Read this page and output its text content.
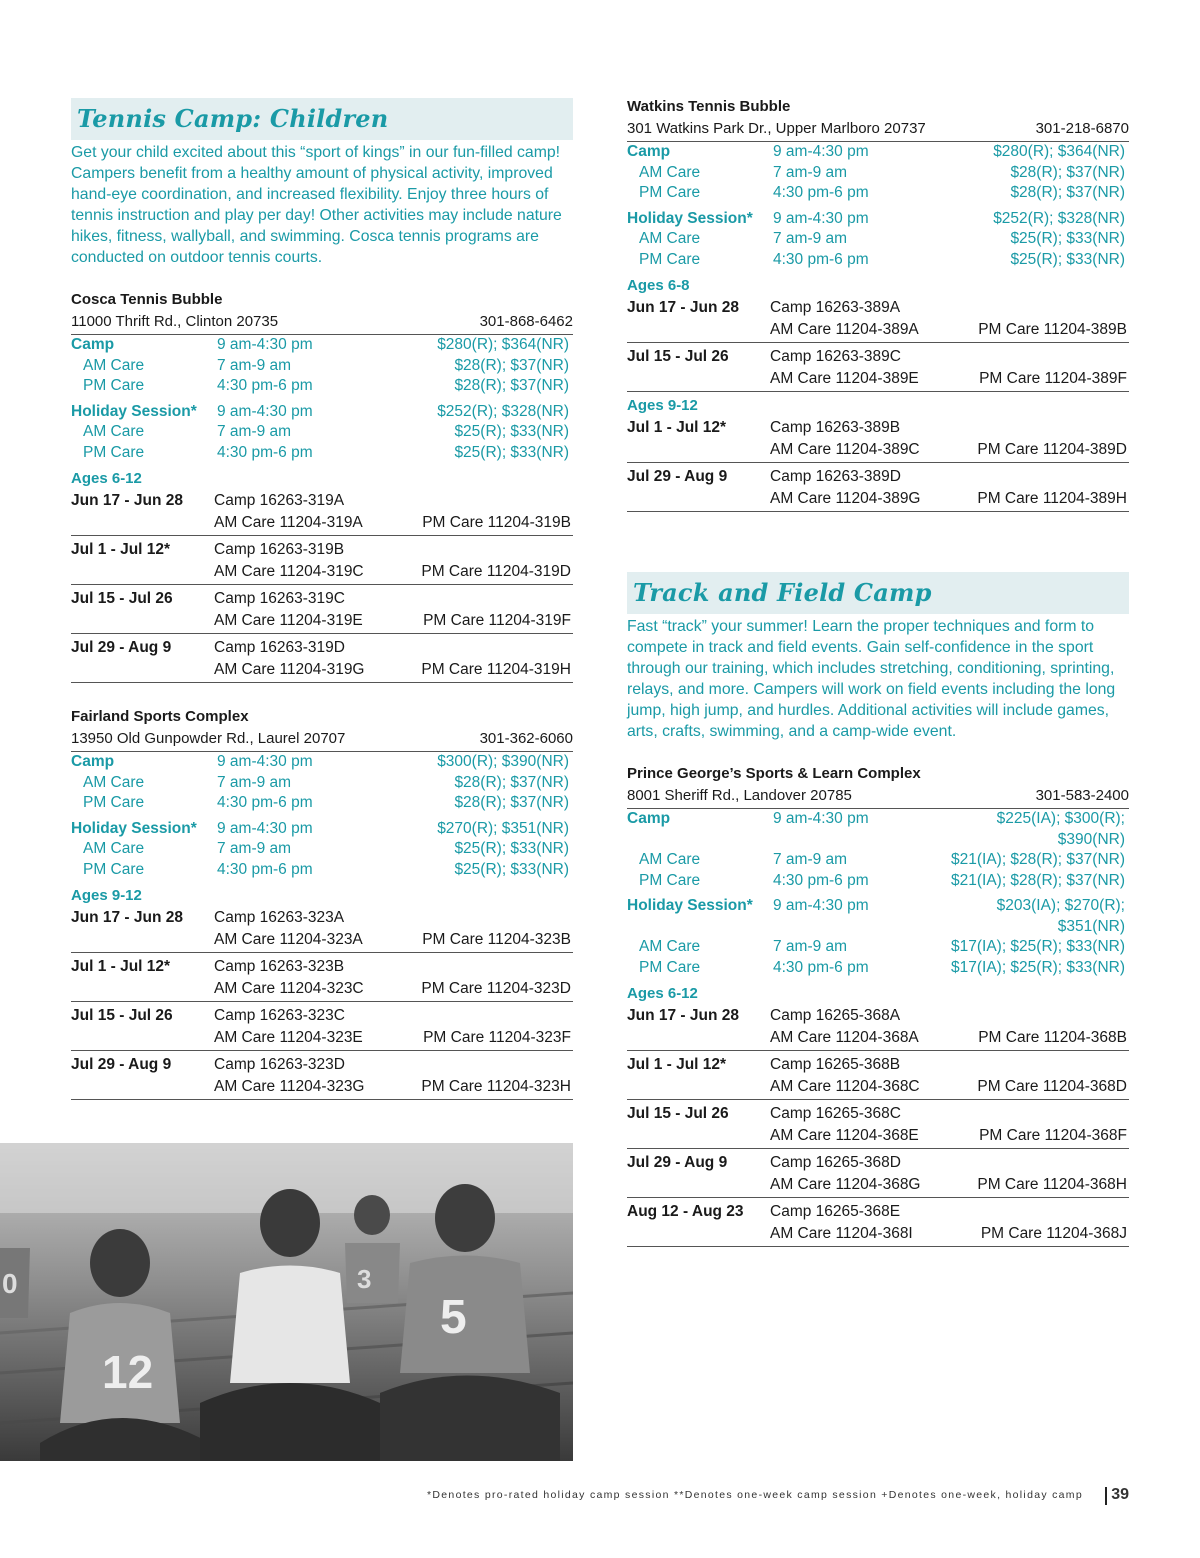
Tennis Camp: Children
Get your child excited about this “sport of kings” in our fun-filled camp! Campers benefit from a healthy amount of physical activity, improved hand-eye coordination, and increased flexibility. Enjoy three hours of tennis instruction and play per day! Other activities may include nature hikes, fitness, wallyball, and swimming. Cosca tennis programs are conducted on outdoor tennis courts.
Cosca Tennis Bubble
11000 Thrift Rd., Clinton 20735	301-868-6462
Camp	9 am-4:30 pm	$280(R); $364(NR)
AM Care	7 am-9 am	$28(R); $37(NR)
PM Care	4:30 pm-6 pm	$28(R); $37(NR)
Holiday Session*	9 am-4:30 pm	$252(R); $328(NR)
AM Care	7 am-9 am	$25(R); $33(NR)
PM Care	4:30 pm-6 pm	$25(R); $33(NR)
Ages 6-12
Jun 17 - Jun 28	Camp 16263-319A
AM Care 11204-319A	PM Care 11204-319B
Jul 1 - Jul 12*	Camp 16263-319B
AM Care 11204-319C	PM Care 11204-319D
Jul 15 - Jul 26	Camp 16263-319C
AM Care 11204-319E	PM Care 11204-319F
Jul 29 - Aug 9	Camp 16263-319D
AM Care 11204-319G	PM Care 11204-319H
Fairland Sports Complex
13950 Old Gunpowder Rd., Laurel 20707	301-362-6060
Camp	9 am-4:30 pm	$300(R); $390(NR)
AM Care	7 am-9 am	$28(R); $37(NR)
PM Care	4:30 pm-6 pm	$28(R); $37(NR)
Holiday Session*	9 am-4:30 pm	$270(R); $351(NR)
AM Care	7 am-9 am	$25(R); $33(NR)
PM Care	4:30 pm-6 pm	$25(R); $33(NR)
Ages 9-12
Jun 17 - Jun 28	Camp 16263-323A
AM Care 11204-323A	PM Care 11204-323B
Jul 1 - Jul 12*	Camp 16263-323B
AM Care 11204-323C	PM Care 11204-323D
Jul 15 - Jul 26	Camp 16263-323C
AM Care 11204-323E	PM Care 11204-323F
Jul 29 - Aug 9	Camp 16263-323D
AM Care 11204-323G	PM Care 11204-323H
Watkins Tennis Bubble
301 Watkins Park Dr., Upper Marlboro 20737	301-218-6870
Camp	9 am-4:30 pm	$280(R); $364(NR)
AM Care	7 am-9 am	$28(R); $37(NR)
PM Care	4:30 pm-6 pm	$28(R); $37(NR)
Holiday Session*	9 am-4:30 pm	$252(R); $328(NR)
AM Care	7 am-9 am	$25(R); $33(NR)
PM Care	4:30 pm-6 pm	$25(R); $33(NR)
Ages 6-8
Jun 17 - Jun 28	Camp 16263-389A
AM Care 11204-389A	PM Care 11204-389B
Jul 15 - Jul 26	Camp 16263-389C
AM Care 11204-389E	PM Care 11204-389F
Ages 9-12
Jul 1 - Jul 12*	Camp 16263-389B
AM Care 11204-389C	PM Care 11204-389D
Jul 29 - Aug 9	Camp 16263-389D
AM Care 11204-389G	PM Care 11204-389H
Track and Field Camp
Fast “track” your summer! Learn the proper techniques and form to compete in track and field events. Gain self-confidence in the sport through our training, which includes stretching, conditioning, sprinting, relays, and more. Campers will work on field events including the long jump, high jump, and hurdles. Additional activities will include games, arts, crafts, swimming, and a camp-wide event.
Prince George’s Sports & Learn Complex
8001 Sheriff Rd., Landover 20785	301-583-2400
Camp	9 am-4:30 pm	$225(IA); $300(R); $390(NR)
AM Care	7 am-9 am	$21(IA); $28(R); $37(NR)
PM Care	4:30 pm-6 pm	$21(IA); $28(R); $37(NR)
Holiday Session*	9 am-4:30 pm	$203(IA); $270(R); $351(NR)
AM Care	7 am-9 am	$17(IA); $25(R); $33(NR)
PM Care	4:30 pm-6 pm	$17(IA); $25(R); $33(NR)
Ages 6-12
Jun 17 - Jun 28	Camp 16265-368A
AM Care 11204-368A	PM Care 11204-368B
Jul 1 - Jul 12*	Camp 16265-368B
AM Care 11204-368C	PM Care 11204-368D
Jul 15 - Jul 26	Camp 16265-368C
AM Care 11204-368E	PM Care 11204-368F
Jul 29 - Aug 9	Camp 16265-368D
AM Care 11204-368G	PM Care 11204-368H
Aug 12 - Aug 23	Camp 16265-368E
AM Care 11204-368I	PM Care 11204-368J
12
5
3
0
*Denotes pro-rated holiday camp session **Denotes one-week camp session +Denotes one-week, holiday camp 39
